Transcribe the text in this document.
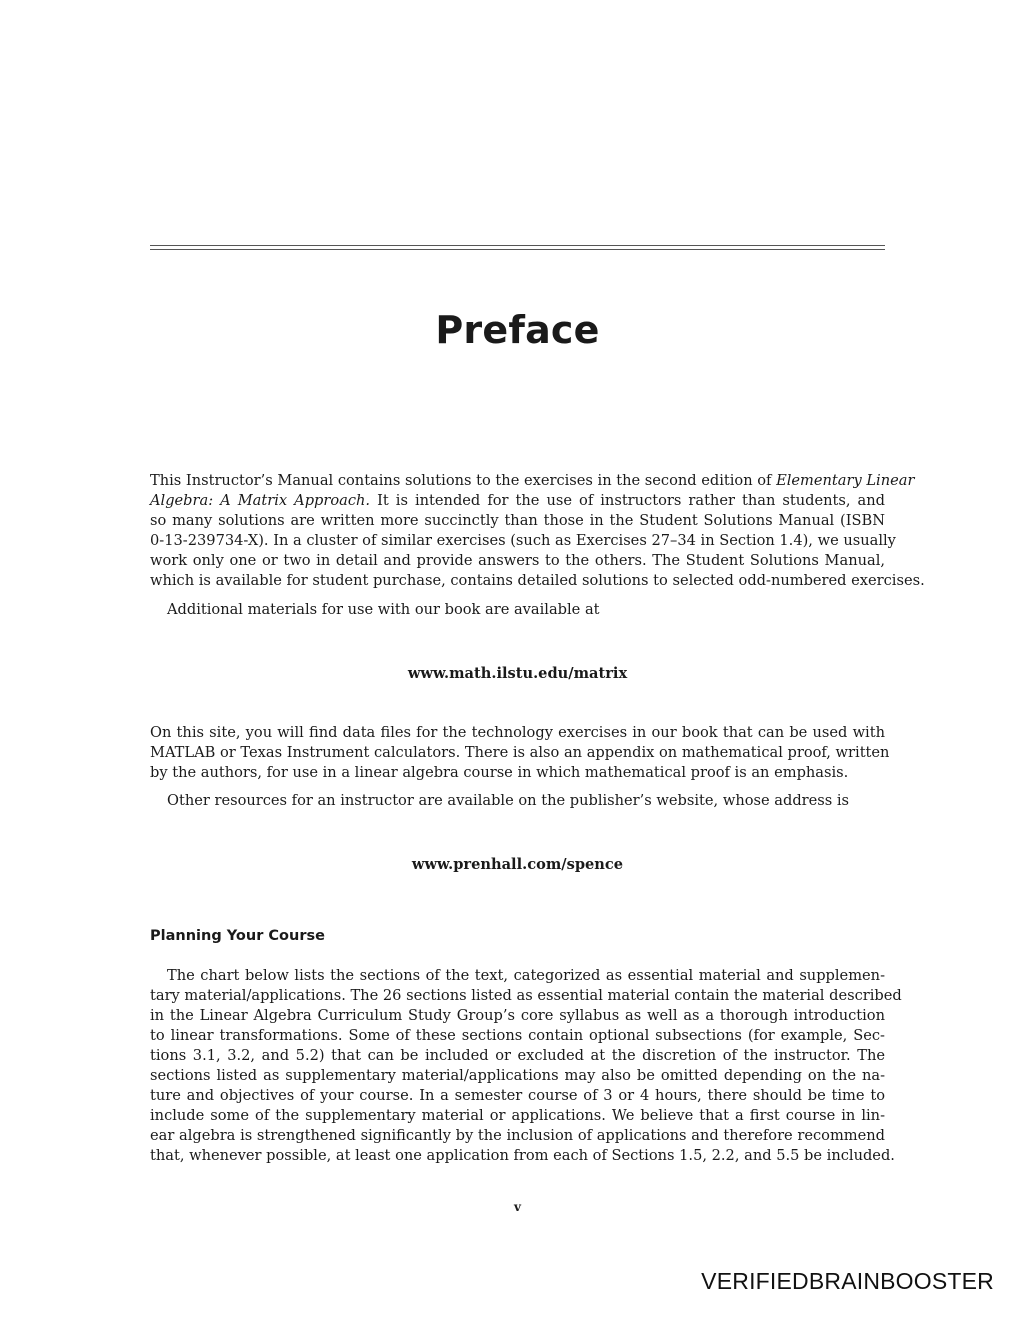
Preface
This Instructor’s Manual contains solutions to the exercises in the second edition of Elementary Linear
Algebra: A Matrix Approach. It is intended for the use of instructors rather than students, and
so many solutions are written more succinctly than those in the Student Solutions Manual (ISBN
0-13-239734-X). In a cluster of similar exercises (such as Exercises 27–34 in Section 1.4), we usually
work only one or two in detail and provide answers to the others. The Student Solutions Manual,
which is available for student purchase, contains detailed solutions to selected odd-numbered exercises.

Additional materials for use with our book are available at

www.math.ilstu.edu/matrix

On this site, you will find data files for the technology exercises in our book that can be used with
MATLAB or Texas Instrument calculators. There is also an appendix on mathematical proof, written
by the authors, for use in a linear algebra course in which mathematical proof is an emphasis.

Other resources for an instructor are available on the publisher’s website, whose address is

www.prenhall.com/spence

Planning Your Course
The chart below lists the sections of the text, categorized as essential material and supplemen-
tary material/applications. The 26 sections listed as essential material contain the material described
in the Linear Algebra Curriculum Study Group’s core syllabus as well as a thorough introduction
to linear transformations. Some of these sections contain optional subsections (for example, Sec-
tions 3.1, 3.2, and 5.2) that can be included or excluded at the discretion of the instructor. The
sections listed as supplementary material/applications may also be omitted depending on the na-
ture and objectives of your course. In a semester course of 3 or 4 hours, there should be time to
include some of the supplementary material or applications. We believe that a first course in lin-
ear algebra is strengthened significantly by the inclusion of applications and therefore recommend
that, whenever possible, at least one application from each of Sections 1.5, 2.2, and 5.5 be included.
v
VERIFIEDBRAINBOOSTER
